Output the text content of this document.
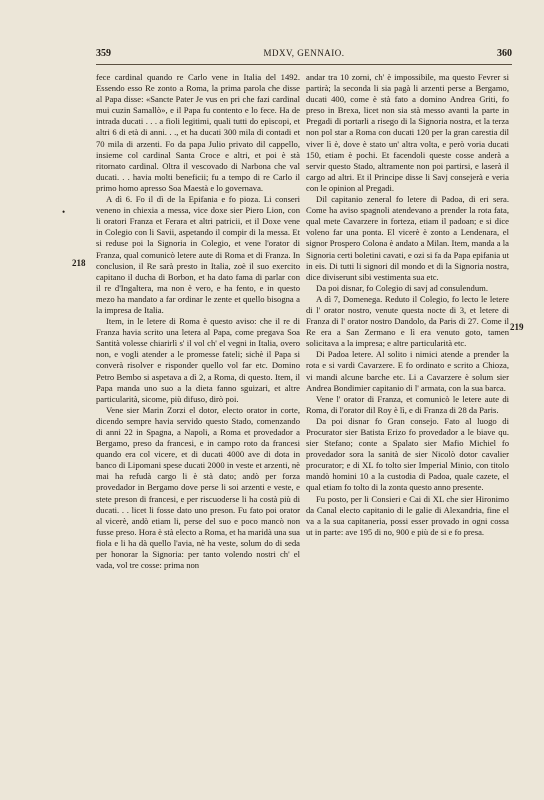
359	MDXV, GENNAIO.	360
•
218
219

fece cardinal quando re Carlo vene in Italia del 1492. Essendo esso Re zonto a Roma, la prima parola che disse al Papa disse: «Sancte Pater Je vus en pri che fazi cardinal mui cuzin Samallò», e il Papa fu contento e lo fece. Ha de intrada ducati . . . a fioli legitimi, quali tutti do episcopi, et altri 6 di età di anni. . ., et ha ducati 300 mila di contadi et 70 mila di arzenti. Fo da papa Julio privato dil cappello, insieme col cardinal Santa Croce e altri, et poi è stà ritornato cardinal. Oltra il vescovado di Narbona che val ducati. . . havia molti beneficii; fu a tempo di re Carlo il primo homo apresso Soa Maestà e lo governava.

A dì 6. Fo il dì de la Epifania e fo pioza. Li conseri veneno in chiexia a messa, vice doxe sier Piero Lion, con li oratori Franza et Ferara et altri patricii, et il Doxe vene in Colegio con li Savii, aspetando il compir di la messa. Et si reduse poi la Signoria in Colegio, et vene l'orator di Franza, qual comunicò letere aute di Roma et di Franza. In conclusion, il Re sarà presto in Italia, zoè il suo exercito capitano il ducha di Borbon, et ha dato fama di parlar con il re d'Ingaltera, ma non è vero, e ha fento, e in questo mezo ha mandato a far ordinar le zente et quello bisogna a la impresa de Italia.

Item, in le letere di Roma è questo aviso: che il re di Franza havia scrito una letera al Papa, come pregava Soa Santità volesse chiarirlì s' il vol ch' el vegni in Italia, overo non, e vogli atender a le promesse fateli; sichè il Papa si converà risolver e risponder quello vol far etc. Domino Petro Bembo si aspetava a dì 2, a Roma, di questo. Item, il Papa manda uno suo a la dieta fanno sguizari, et altre particularità, sicome, più difuso, dirò poi.

Vene sier Marin Zorzi el dotor, electo orator in corte, dicendo sempre havia servido questo Stado, comenzando di anni 22 in Spagna, a Napoli, a Roma et provedador a Bergamo, preso da francesi, e in campo roto da francesi quando era col vicere, et di ducati 4000 ave di dota in banco di Lipomani spese ducati 2000 in veste et arzenti, nè mai ha refudà cargo li è stà dato; andò per forza provedador in Bergamo dove perse li soi arzenti e veste, e stete preson di francesi, e per riscuoderse li ha costà più di ducati. . . licet li fosse dato uno preson. Fu fato poi orator al vicerè, andò etiam li, perse del suo e poco mancò non fusse preso. Hora è stà electo a Roma, et ha maridà una sua fiola e li ha dà quello l'avia, nè ha veste, solum do di seda per honorar la Signoria: per tanto volendo nostri ch' el vada, vol tre cosse: prima non

andar tra 10 zorni, ch' è impossibile, ma questo Fevrer si partirà; la seconda li sia pagà li arzenti perse a Bergamo, ducati 400, come è stà fato a domino Andrea Griti, fo preso in Brexa, licet non sia stà messo avanti la parte in Pregadi di portarli a risego di la Signoria nostra, et la terza non pol star a Roma con ducati 120 per la gran carestia dil viver lì è, dove è stato un' altra volta, e però voria ducati 150, etiam è pochi. Et facendoli queste cosse anderà a servir questo Stado, altramente non poi partirsi, e laserà il cargo ad altri. Et il Principe disse li Savj consejerà e veria con le opinion al Pregadi.

Dil capitanio zeneral fo letere di Padoa, di eri sera. Come ha aviso spagnoli atendevano a prender la rota fata, qual mete Cavarzere in forteza, etiam il padoan; e si dice voleno far una ponta. El vicerè è zonto a Lendenara, el signor Prospero Colona è andato a Milan. Item, manda a la Signoria certi boletini cavati, e ozi si fa da Papa epifania ut in eis. Di tutti li signori dil mondo et di la Signoria nostra, dice diviserunt sibi vestimenta sua etc.

Da poi disnar, fo Colegio di savj ad consulendum.

A dì 7, Domenega. Reduto il Colegio, fo lecto le letere di l' orator nostro, venute questa nocte di 3, et letere di Franza di l' orator nostro Dandolo, da Paris di 27. Come il Re era a San Zermano e lì era venuto goto, tamen solicitava a la impresa; e altre particularità etc.

Di Padoa letere. Al solito i nimici atende a prender la rota e si vardi Cavarzere. E fo ordinato e scrito a Chioza, vi mandi alcune barche etc. Li a Cavarzere è solum sier Andrea Bondimier capitanio di l' armata, con la sua barca.

Vene l' orator di Franza, et comunicò le letere aute di Roma, di l'orator dil Roy è lì, e di Franza di 28 da Paris.

Da poi disnar fo Gran consejo. Fato al luogo di Procurator sier Batista Erizo fo provedador a le biave qu. sier Stefano; conte a Spalato sier Mafio Michiel fo provedador sora la sanità de sier Nicolò dotor cavalier procurator; e di XL fo tolto sier Imperial Minio, con titolo mandò homini 10 a la custodia di Padoa, quale cazete, el qual etiam fo tolto di la zonta questo anno presente.

Fu posto, per li Consieri e Cai di XL che sier Hironimo da Canal electo capitanio di le galie di Alexandria, fine el va a la sua capitaneria, possi esser provado in ogni cossa ut in parte: ave 195 di no, 900 e più de si e fo presa.
